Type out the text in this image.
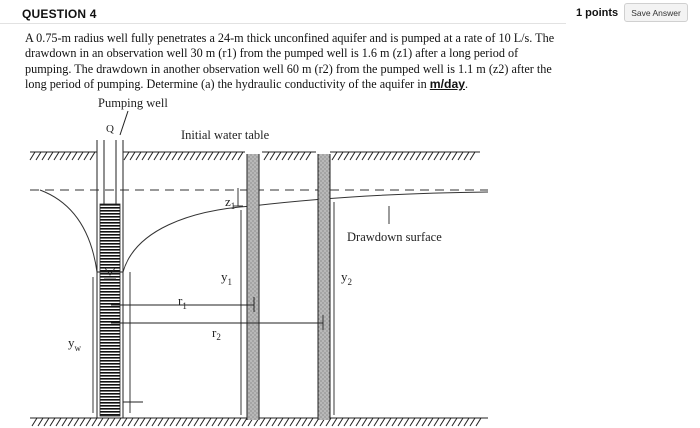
QUESTION 4	1 points	Save Answer
A 0.75-m radius well fully penetrates a 24-m thick unconfined aquifer and is pumped at a rate of 10 L/s. The
drawdown in an observation well 30 m (r1) from the pumped well is 1.6 m (z1) after a long period of
pumping. The drawdown in another observation well 60 m (r2) from the pumped well is 1.1 m (z2) after the
long period of pumping. Determine (a) the hydraulic conductivity of the aquifer in m/day.
Pumping well
Q	Initial water table
Drawdown surface
$z_1$
$y_1$	$y_2$
$r_1$
$r_2$
$y_w$
